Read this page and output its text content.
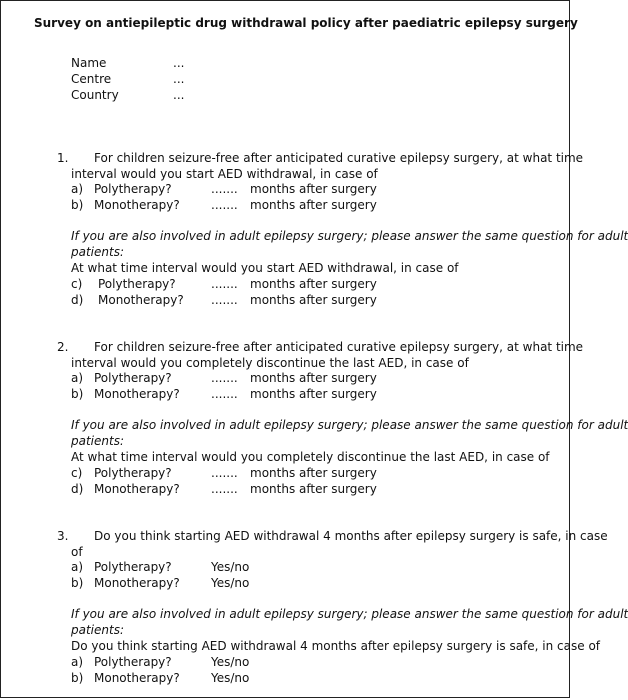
Survey on antiepileptic drug withdrawal policy after paediatric epilepsy surgery
Name	...
Centre	...
Country	...
1. For children seizure-free after anticipated curative epilepsy surgery, at what time
interval would you start AED withdrawal, in case of
a) Polytherapy?	....... months after surgery
b) Monotherapy?	....... months after surgery
If you are also involved in adult epilepsy surgery; please answer the same question for adult
patients:
At what time interval would you start AED withdrawal, in case of
c) Polytherapy?	....... months after surgery
d) Monotherapy? ....... months after surgery
2. For children seizure-free after anticipated curative epilepsy surgery, at what time
interval would you completely discontinue the last AED, in case of
a) Polytherapy?	....... months after surgery
b) Monotherapy?	....... months after surgery
If you are also involved in adult epilepsy surgery; please answer the same question for adult
patients:
At what time interval would you completely discontinue the last AED, in case of
c) Polytherapy?	....... months after surgery
d) Monotherapy?	....... months after surgery
3. Do you think starting AED withdrawal 4 months after epilepsy surgery is safe, in case
of
a) Polytherapy?	Yes/no
b) Monotherapy?	Yes/no
If you are also involved in adult epilepsy surgery; please answer the same question for adult
patients:
Do you think starting AED withdrawal 4 months after epilepsy surgery is safe, in case of
a) Polytherapy?	Yes/no
b) Monotherapy?	Yes/no
